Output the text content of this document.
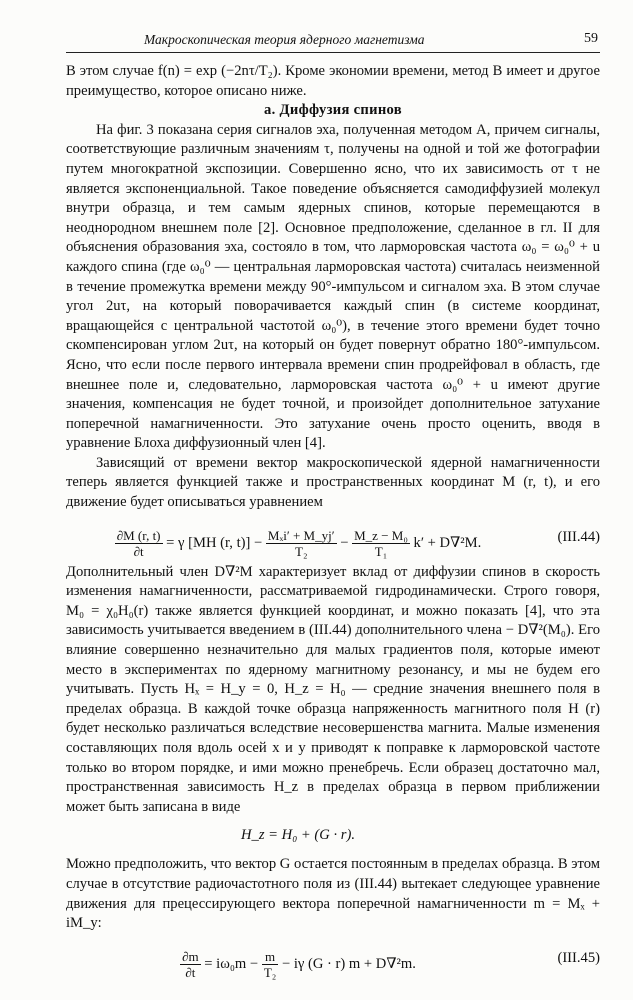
Макроскопическая теория ядерного магнетизма	59

В этом случае f(n) = exp (−2nτ/T₂). Кроме экономии времени, метод B имеет и другое преимущество, которое описано ниже.

а. Диффузия спинов

На фиг. 3 показана серия сигналов эха, полученная методом A, причем сигналы, соответствующие различным значениям τ, получены на одной и той же фотографии путем многократной экспозиции. Совершенно ясно, что их зависимость от τ не является экспоненциальной. Такое поведение объясняется самодиффузией молекул внутри образца, и тем самым ядерных спинов, которые перемещаются в неоднородном внешнем поле [2]. Основное предположение, сделанное в гл. II для объяснения образования эха, состояло в том, что ларморовская частота ω₀ = ω₀⁰ + u каждого спина (где ω₀⁰ — центральная ларморовская частота) считалась неизменной в течение промежутка времени между 90°-импульсом и сигналом эха. В этом случае угол 2uτ, на который поворачивается каждый спин (в системе координат, вращающейся с центральной частотой ω₀⁰), в течение этого времени будет точно скомпенсирован углом 2uτ, на который он будет повернут обратно 180°-импульсом. Ясно, что если после первого интервала времени спин продрейфовал в область, где внешнее поле и, следовательно, ларморовская частота ω₀⁰ + u имеют другие значения, компенсация не будет точной, и произойдет дополнительное затухание поперечной намагниченности. Это затухание очень просто оценить, вводя в уравнение Блоха диффузионный член [4].

Зависящий от времени вектор макроскопической ядерной намагниченности теперь является функцией также и пространственных координат M (r, t), и его движение будет описываться уравнением

$\frac{\partial M (r, t)}{\partial t} = \gamma$ [MH (r, $t)] - \frac{\text{Mₓi′ + M\_yj′}}{\text{T₂}} - \frac{\text{M\_z − M₀}}{\text{T₁}} k' + D\nabla^2M$.	(III.44)

Дополнительный член D∇²M характеризует вклад от диффузии спинов в скорость изменения намагниченности, рассматриваемой гидродинамически. Строго говоря, M₀ = χ₀H₀(r) также является функцией координат, и можно показать [4], что эта зависимость учитывается введением в (III.44) дополнительного члена − D∇²(M₀). Его влияние совершенно незначительно для малых градиентов поля, которые имеют место в экспериментах по ядерному магнитному резонансу, и мы не будем его учитывать. Пусть Hₓ = H_y = 0, H_z = H₀ — средние значения внешнего поля в пределах образца. В каждой точке образца напряженность магнитного поля H (r) будет несколько различаться вследствие несовершенства магнита. Малые изменения составляющих поля вдоль осей x и y приводят к поправке к ларморовской частоте только во втором порядке, и ими можно пренебречь. Если образец достаточно мал, пространственная зависимость H_z в пределах образца в первом приближении может быть записана в виде

H_z = H₀ + (G · r).

Можно предположить, что вектор G остается постоянным в пределах образца. В этом случае в отсутствие радиочастотного поля из (III.44) вытекает следующее уравнение движения для прецессирующего вектора поперечной намагниченности m = Mₓ + iM_y:

$\frac{\partial m}{\partial t} = i\omega_0m - \frac{m}{\text{T₂}} - i\gamma$ (G · r) m + D∇²m.	(III.45)
